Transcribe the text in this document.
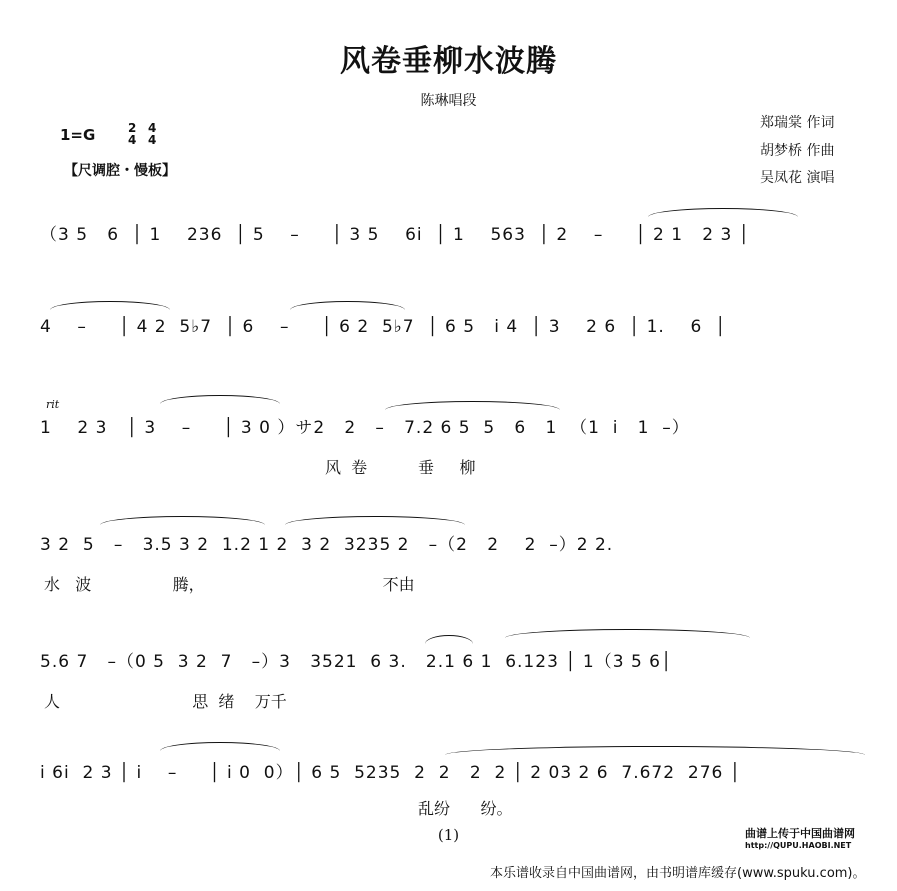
风卷垂柳水波腾
陈琳唱段
1=G	2
4
4
4
【尺调腔・慢板】
郑瑞棠 作词
胡梦桥 作曲
吴凤花 演唱
（3 5   6  │ 1    236  │ 5    –     │ 3 5    6i  │ 1    563  │ 2    –     │ 2 1   2 3 │
4    –     │ 4 2  5♭7  │ 6    –     │ 6 2  5♭7  │ 6 5   i 4  │ 3    2 6  │ 1.    6  │
rit
1    2 3   │ 3    –     │ 3 0 ）サ2   2   –   7.2 6 5  5   6   1  （1  i   1  –）
风  卷          垂     柳
3 2  5   –   3.5 3 2  1.2 1 2  3 2  3235 2   –（2   2    2  –）2 2.
水   波                腾，                                   不由
5.6 7   –（0 5  3 2  7   –）3   3521  6 3.   2.1 6 1  6.123 │ 1（3 5 6│
人                          思  绪    万千
i 6i  2 3 │ i    –     │ i 0  0）│ 6 5  5235  2  2   2  2 │ 2 03 2 6  7.672  276 │
乱纷      纷。
(1)	曲谱上传于中国曲谱网
http://QUPU.HAOBI.NET
本乐谱收录自中国曲谱网，由书明谱库缓存(www.spuku.com)。
